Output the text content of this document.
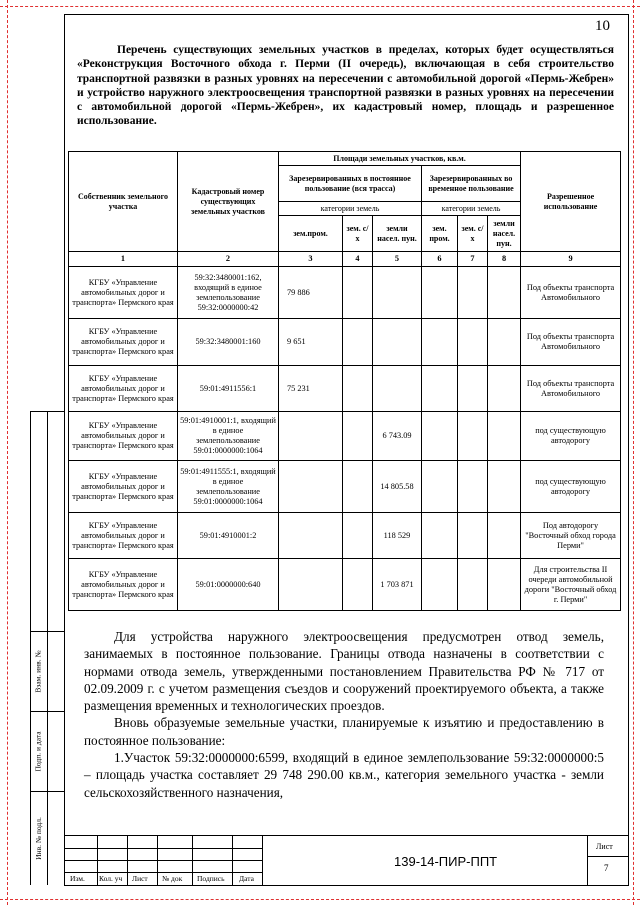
10
Взам. инв. №
Подп. и дата
Инв. № подл.
Перечень существующих земельных участков в пределах, которых будет осуществляться «Реконструкция Восточного обхода г. Перми (II очередь), включающая в себя строительство транспортной развязки в разных уровнях на пересечении с автомобильной дорогой «Пермь-Жебрен» и устройство наружного электроосвещения транспортной развязки в разных уровнях на пересечении с автомобильной дорогой «Пермь-Жебрен», их кадастровый номер, площадь и разрешенное использование.
Собственник земельного участка	Кадастровый номер существующих земельных участков	Площади земельных участков, кв.м.						Разрешенное использование
		Зарезервированных в постоянное пользование (вся трасса)			Зарезервированных во временное пользование			
		категории земель			категории земель			
		зем.пром.	зем. с/х	земли насел. пун.	зем. пром.	зем. с/х	земли насел. пун.	
1	2	3	4	5	6	7	8	9
КГБУ «Управление автомобильных дорог и транспорта» Пермского края	59:32:3480001:162, входящий в единое землепользование 59:32:0000000:42	79 886						Под объекты транспорта Автомобильного
КГБУ «Управление автомобильных дорог и транспорта» Пермского края	59:32:3480001:160	9 651						Под объекты транспорта Автомобильного
КГБУ «Управление автомобильных дорог и транспорта» Пермского края	59:01:4911556:1	75 231						Под объекты транспорта Автомобильного
КГБУ «Управление автомобильных дорог и транспорта» Пермского края	59:01:4910001:1, входящий в единое землепользование 59:01:0000000:1064			6 743.09				под существующую автодорогу
КГБУ «Управление автомобильных дорог и транспорта» Пермского края	59:01:4911555:1, входящий в единое землепользование 59:01:0000000:1064			14 805.58				под существующую автодорогу
КГБУ «Управление автомобильных дорог и транспорта» Пермского края	59:01:4910001:2			118 529				Под автодорогу "Восточный обход города Перми"
КГБУ «Управление автомобильных дорог и транспорта» Пермского края	59:01:0000000:640			1 703 871				Для строительства II очереди автомобильной дороги "Восточный обход г. Перми"

Для устройства наружного электроосвещения предусмотрен отвод земель, занимаемых в постоянное пользование. Границы отвода назначены в соответствии с нормами отвода земель, утвержденными постановлением Правительства РФ № 717 от 02.09.2009 г. с учетом размещения съездов и сооружений проектируемого объекта, а также размещения временных и технологических проездов.

Вновь образуемые земельные участки, планируемые к изъятию и предоставлению в постоянное пользование:

1.Участок 59:32:0000000:6599, входящий в единое землепользование 59:32:0000000:5 – площадь участка составляет 29 748 290.00 кв.м., категория земельного участка - земли сельскохозяйственного назначения,

Изм. Кол. уч Лист № док Подпись Дата
139-14-ПИР-ППТ
Лист
7
